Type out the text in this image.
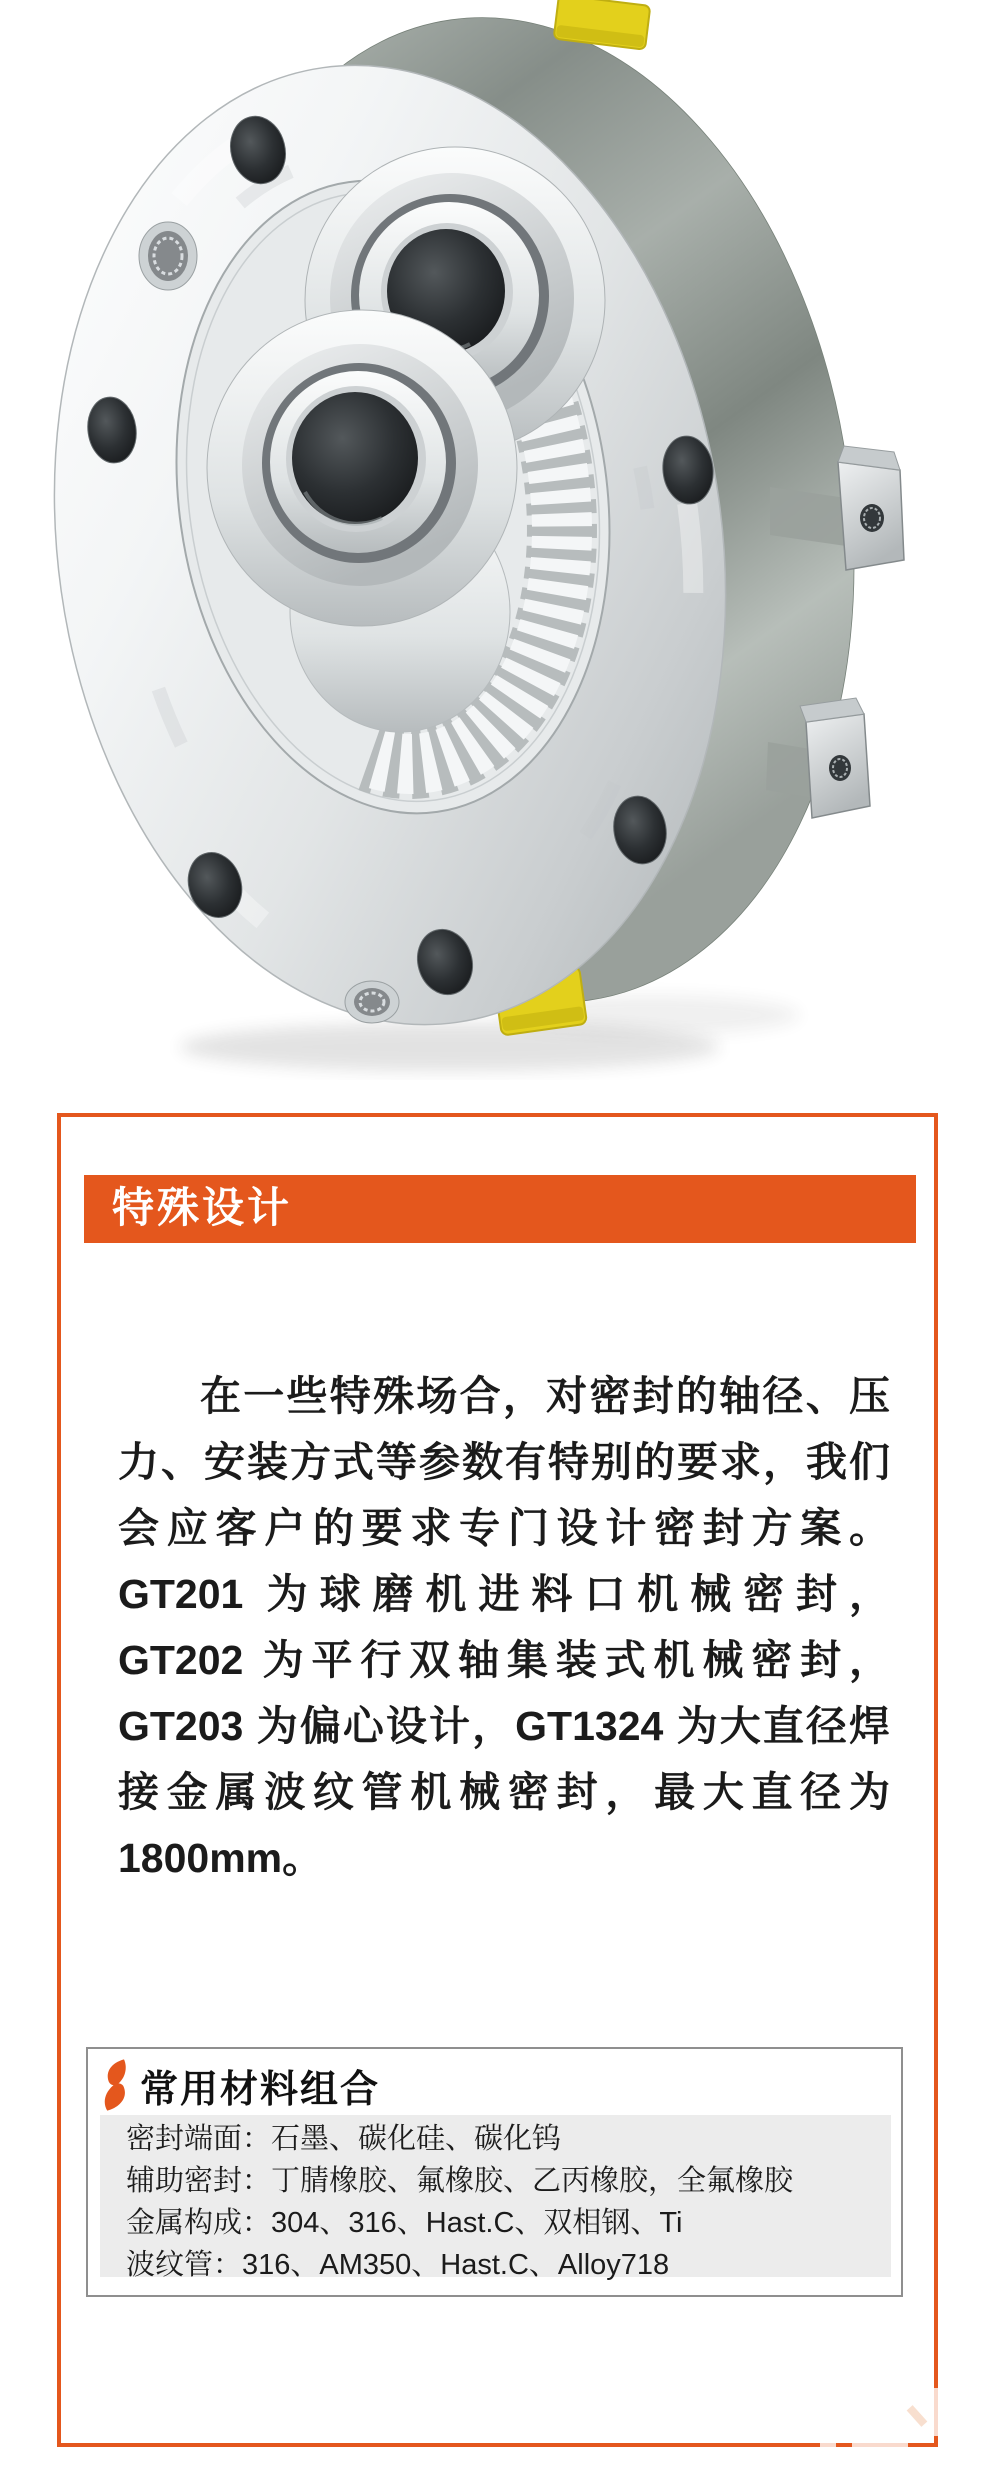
特殊设计
在一些特殊场合，对密封的轴径、压
力、安装方式等参数有特别的要求，我们
会应客户的要求专门设计密封方案。
GT201 为球磨机进料口机械密封，
GT202 为平行双轴集装式机械密封，
GT203 为偏心设计，GT1324 为大直径焊
接金属波纹管机械密封，最大直径为
1800mm。
常用材料组合
密封端面：石墨、碳化硅、碳化钨
辅助密封：丁腈橡胶、氟橡胶、乙丙橡胶，全氟橡胶
金属构成：304、316、Hast.C、双相钢、Ti
波纹管：316、AM350、Hast.C、Alloy718
